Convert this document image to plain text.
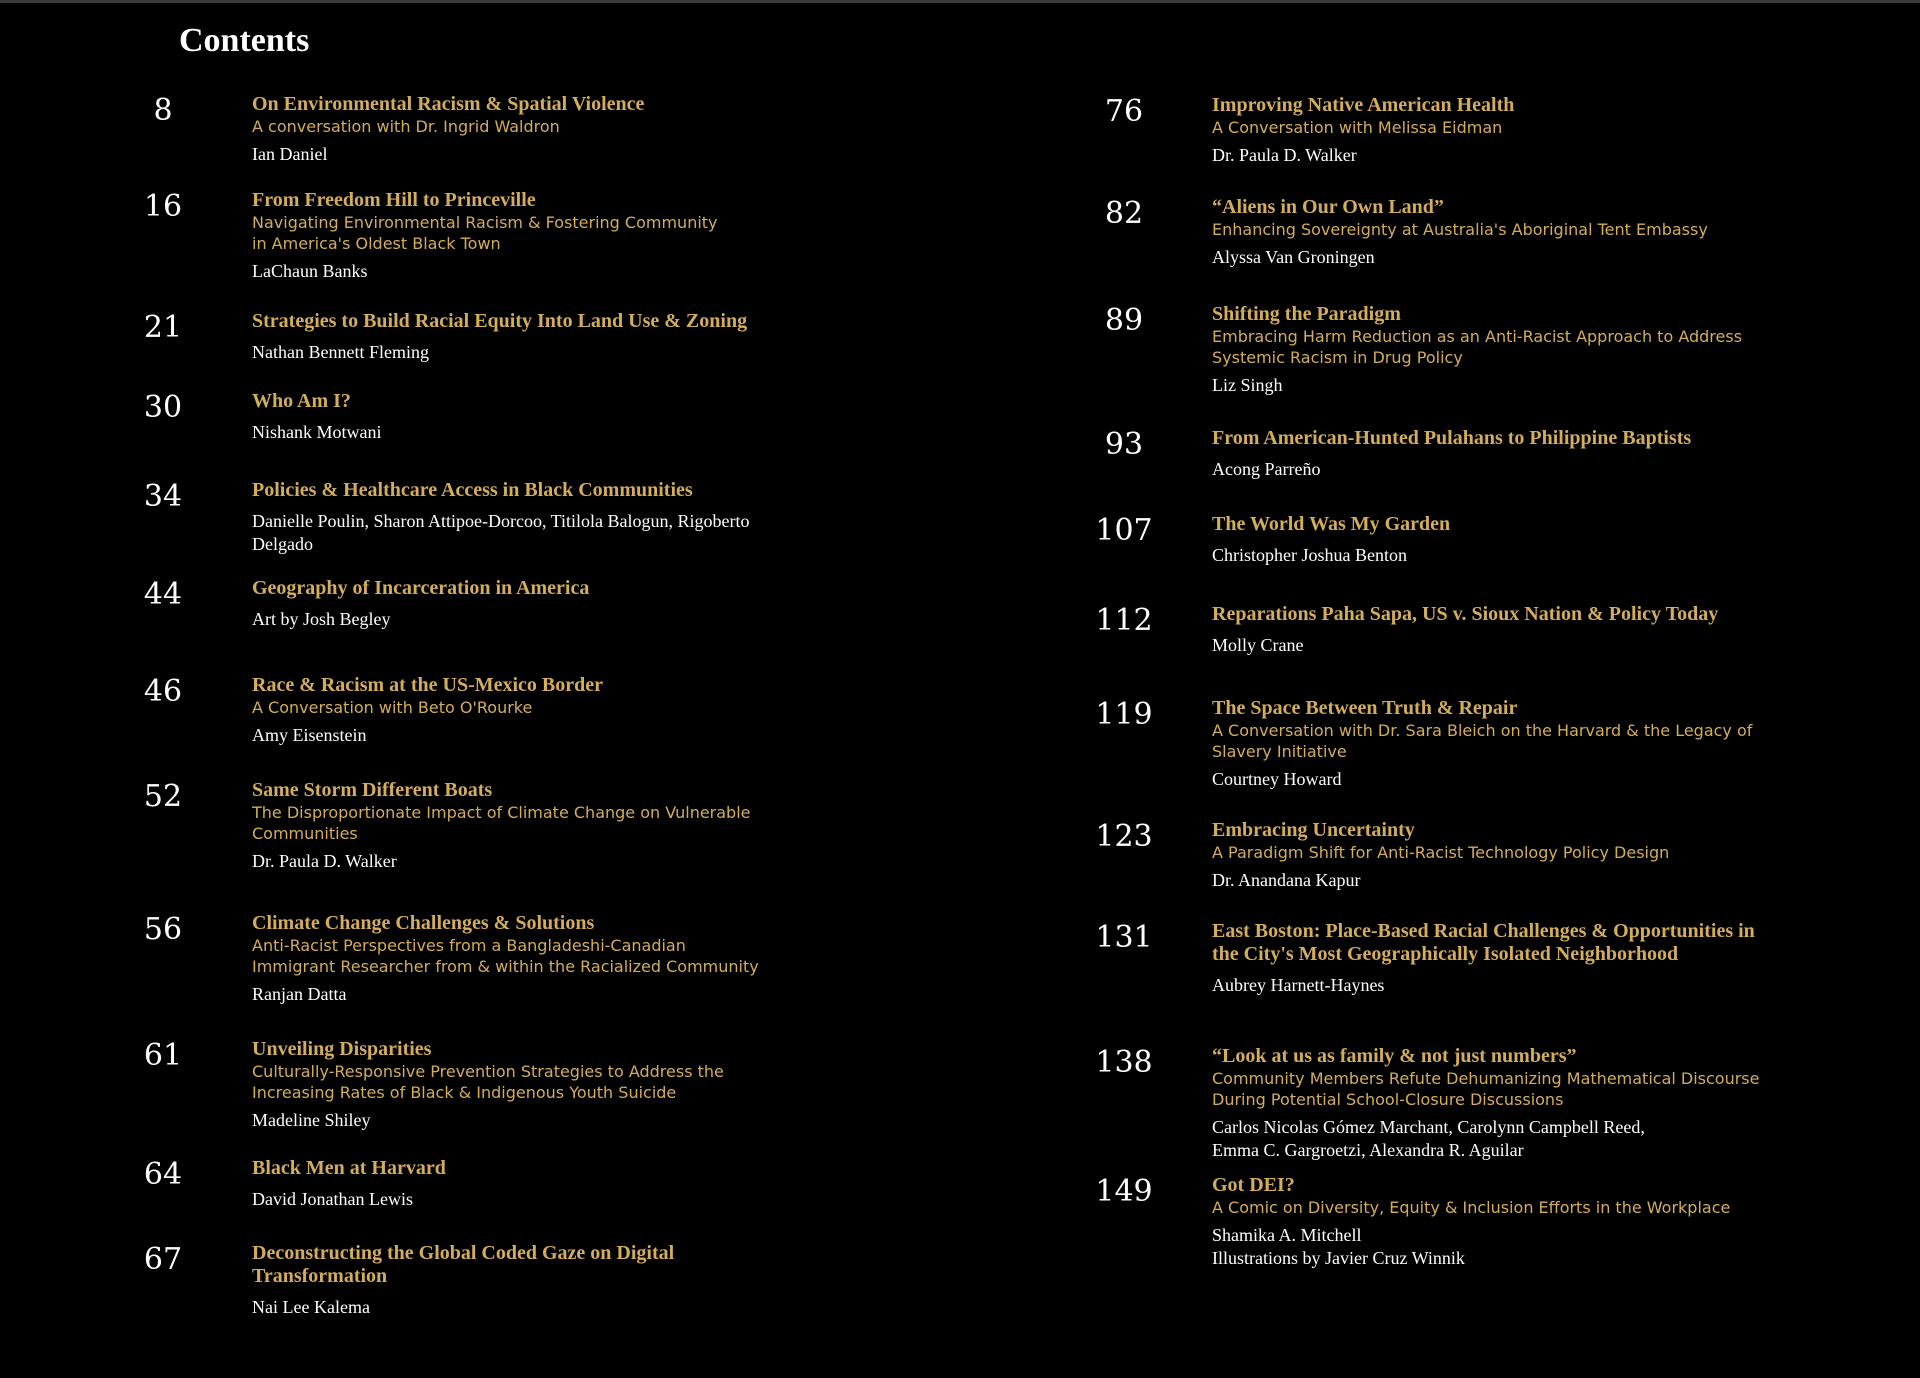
Contents
8	On Environmental Racism & Spatial Violence
A conversation with Dr. Ingrid Waldron
Ian Daniel
16	From Freedom Hill to Princeville
Navigating Environmental Racism & Fostering Community
in America's Oldest Black Town
LaChaun Banks
21	Strategies to Build Racial Equity Into Land Use & Zoning
Nathan Bennett Fleming
30	Who Am I?
Nishank Motwani
34	Policies & Healthcare Access in Black Communities
Danielle Poulin, Sharon Attipoe-Dorcoo, Titilola Balogun, Rigoberto Delgado
44	Geography of Incarceration in America
Art by Josh Begley
46	Race & Racism at the US-Mexico Border
A Conversation with Beto O'Rourke
Amy Eisenstein
52	Same Storm Different Boats
The Disproportionate Impact of Climate Change on Vulnerable Communities
Dr. Paula D. Walker
56	Climate Change Challenges & Solutions
Anti-Racist Perspectives from a Bangladeshi-Canadian
Immigrant Researcher from & within the Racialized Community
Ranjan Datta
61	Unveiling Disparities
Culturally-Responsive Prevention Strategies to Address the
Increasing Rates of Black & Indigenous Youth Suicide
Madeline Shiley
64	Black Men at Harvard
David Jonathan Lewis
67	Deconstructing the Global Coded Gaze on Digital Transformation
Nai Lee Kalema
76	Improving Native American Health
A Conversation with Melissa Eidman
Dr. Paula D. Walker
82	“Aliens in Our Own Land”
Enhancing Sovereignty at Australia's Aboriginal Tent Embassy
Alyssa Van Groningen
89	Shifting the Paradigm
Embracing Harm Reduction as an Anti-Racist Approach to Address Systemic Racism in Drug Policy
Liz Singh
93	From American-Hunted Pulahans to Philippine Baptists
Acong Parreño
107	The World Was My Garden
Christopher Joshua Benton
112	Reparations Paha Sapa, US v. Sioux Nation & Policy Today
Molly Crane
119	The Space Between Truth & Repair
A Conversation with Dr. Sara Bleich on the Harvard & the Legacy of Slavery Initiative
Courtney Howard
123	Embracing Uncertainty
A Paradigm Shift for Anti-Racist Technology Policy Design
Dr. Anandana Kapur
131	East Boston: Place-Based Racial Challenges & Opportunities in the City's Most Geographically Isolated Neighborhood
Aubrey Harnett-Haynes
138	“Look at us as family & not just numbers”
Community Members Refute Dehumanizing Mathematical Discourse
During Potential School-Closure Discussions
Carlos Nicolas Gómez Marchant, Carolynn Campbell Reed,
Emma C. Gargroetzi, Alexandra R. Aguilar
149	Got DEI?
A Comic on Diversity, Equity & Inclusion Efforts in the Workplace
Shamika A. Mitchell
Illustrations by Javier Cruz Winnik
